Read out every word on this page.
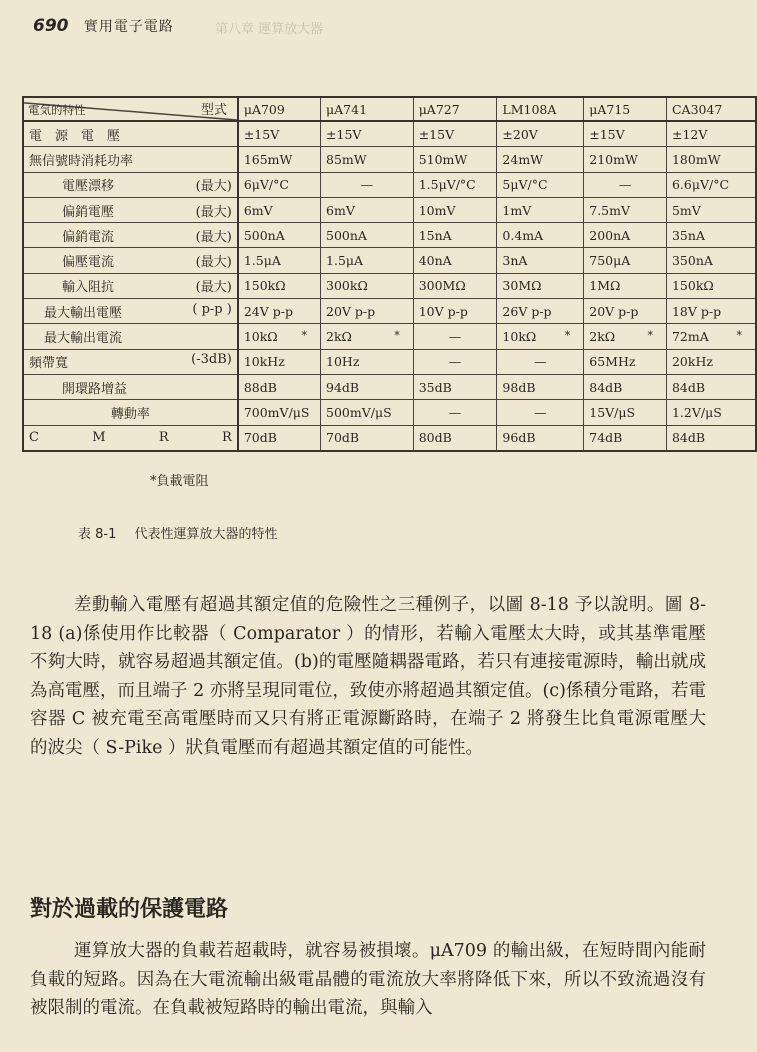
690 實用電子電路	第八章 運算放大器
電気的特性 型式	μA709	μA741	μA727	LM108A	μA715	CA3047
電　源　電　壓	±15V	±15V	±15V	±20V	±15V	±12V
無信號時消耗功率	165mW	85mW	510mW	24mW	210mW	180mW

電壓漂移 (最大)	6μV/°C	—	1.5μV/°C	5μV/°C	—	6.6μV/°C

偏銷電壓 (最大)	6mV	6mV	10mV	1mV	7.5mV	5mV

偏銷電流 (最大)	500nA	500nA	15nA	0.4mA	200nA	35nA

偏壓電流 (最大)	1.5μA	1.5μA	40nA	3nA	750μA	350nA

輸入阻抗 (最大)	150kΩ	300kΩ	300MΩ	30MΩ	1MΩ	150kΩ

最大輸出電壓 ( p-p )	24V p-p	20V p-p	10V p-p	26V p-p	20V p-p	18V p-p
最大輸出電流	10kΩ *	2kΩ *	—	10kΩ *	2kΩ *	72mA *

頻帶寬 (-3dB)	10kHz	10Hz	—	—	65MHz	20kHz
開環路增益	88dB	94dB	35dB	98dB	84dB	84dB
轉動率	700mV/μS	500mV/μS	—	—	15V/μS	1.2V/μS

C M R R	70dB	70dB	80dB	96dB	74dB	84dB
*負載電阻
表 8-1 代表性運算放大器的特性
差動輸入電壓有超過其額定值的危險性之三種例子，以圖 8-18 予以說明。圖 8-18 (a)係使用作比較器（ Comparator ）的情形，若輸入電壓太大時，或其基準電壓不夠大時，就容易超過其額定值。(b)的電壓隨耦器電路，若只有連接電源時，輸出就成為高電壓，而且端子 2 亦將呈現同電位，致使亦將超過其額定值。(c)係積分電路，若電容器 C 被充電至高電壓時而又只有將正電源斷路時，在端子 2 將發生比負電源電壓大的波尖（ S-Pike ）狀負電壓而有超過其額定值的可能性。
對於過載的保護電路
運算放大器的負載若超載時，就容易被損壞。μA709 的輸出級，在短時間內能耐負載的短路。因為在大電流輸出級電晶體的電流放大率將降低下來，所以不致流過沒有被限制的電流。在負載被短路時的輸出電流，與輸入
